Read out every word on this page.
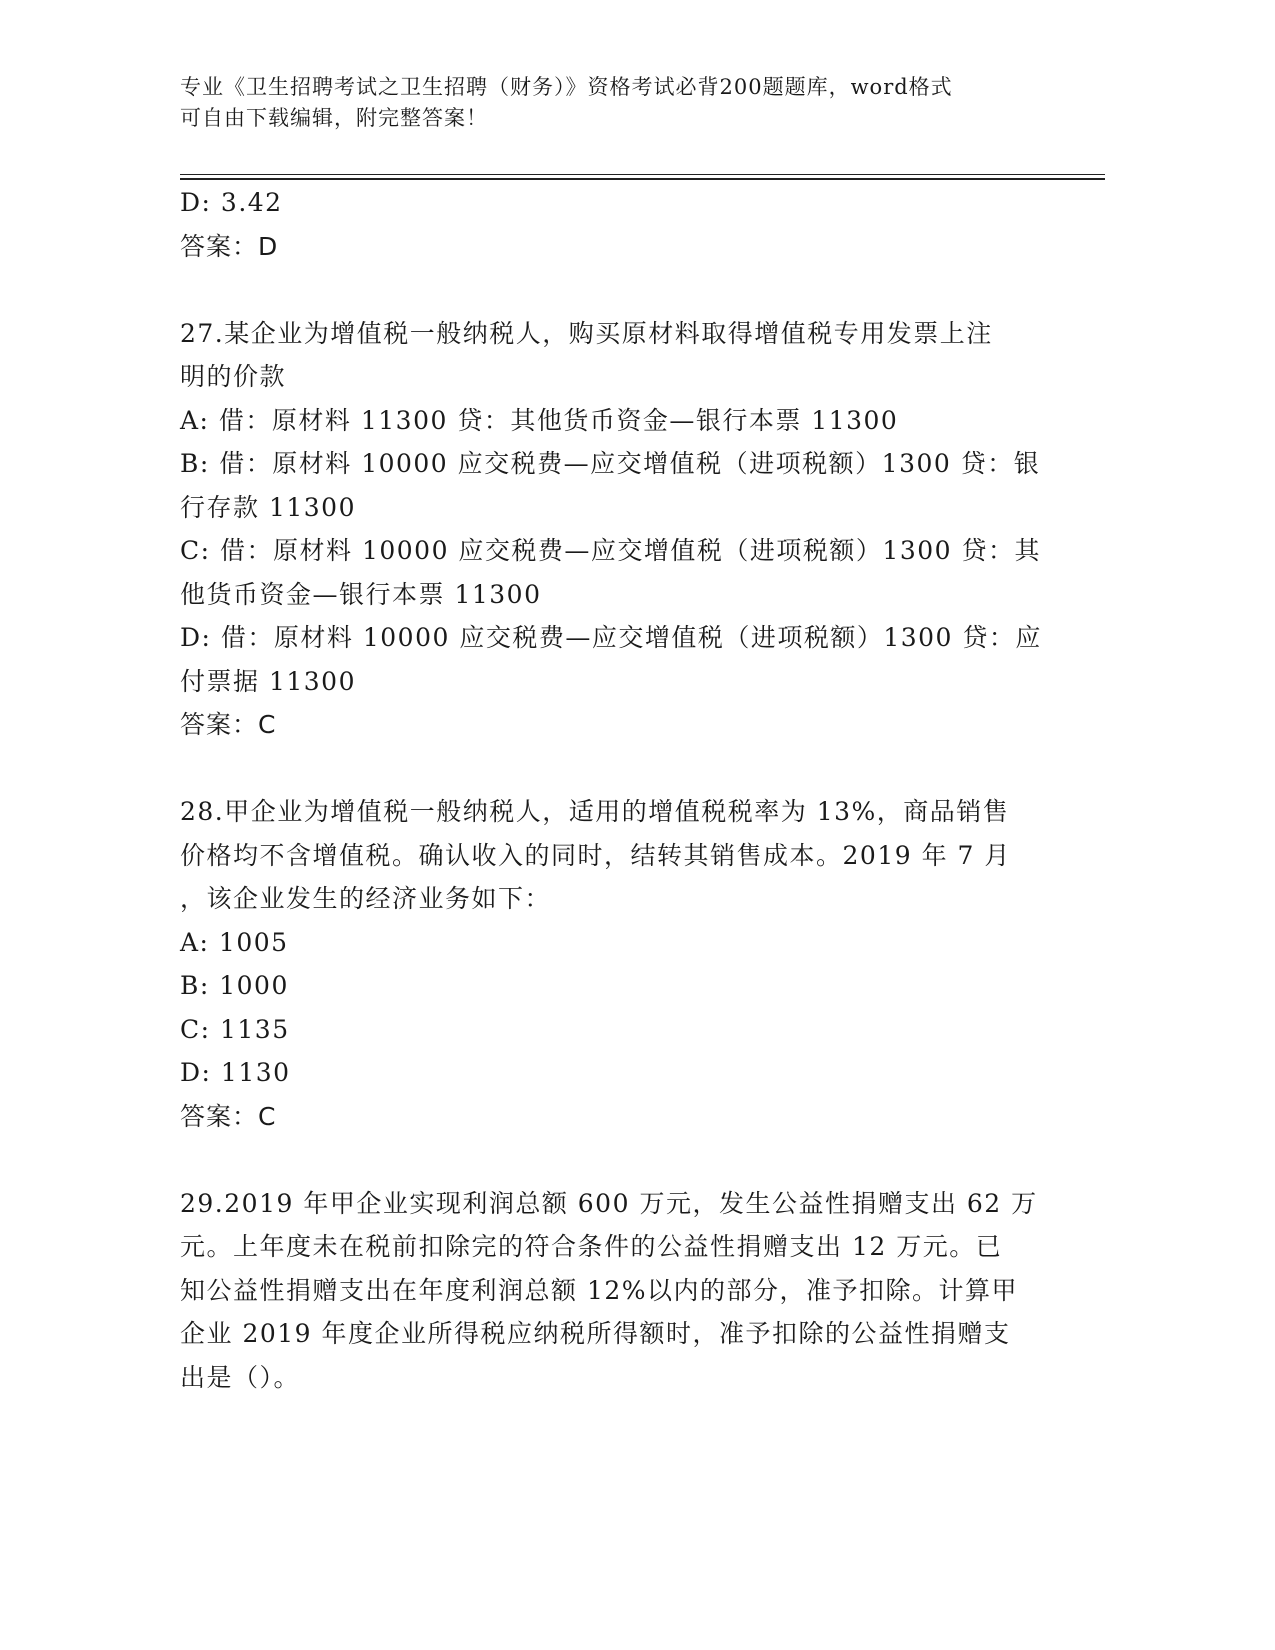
专业《卫生招聘考试之卫生招聘（财务）》资格考试必背200题题库，word格式
可自由下载编辑，附完整答案！
D: 3.42
答案：D
27.某企业为增值税一般纳税人，购买原材料取得增值税专用发票上注
明的价款
A: 借：原材料 11300 贷：其他货币资金—银行本票 11300
B: 借：原材料 10000 应交税费—应交增值税（进项税额）1300 贷：银
行存款 11300
C: 借：原材料 10000 应交税费—应交增值税（进项税额）1300 贷：其
他货币资金—银行本票 11300
D: 借：原材料 10000 应交税费—应交增值税（进项税额）1300 贷：应
付票据 11300
答案：C
28.甲企业为增值税一般纳税人，适用的增值税税率为 13%，商品销售
价格均不含增值税。确认收入的同时，结转其销售成本。2019 年 7 月
，该企业发生的经济业务如下：
A: 1005
B: 1000
C: 1135
D: 1130
答案：C
29.2019 年甲企业实现利润总额 600 万元，发生公益性捐赠支出 62 万
元。上年度未在税前扣除完的符合条件的公益性捐赠支出 12 万元。已
知公益性捐赠支出在年度利润总额 12%以内的部分，准予扣除。计算甲
企业 2019 年度企业所得税应纳税所得额时，准予扣除的公益性捐赠支
出是（）。
